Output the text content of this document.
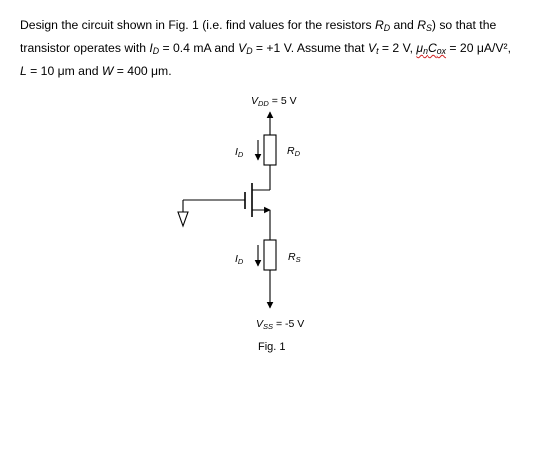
Design the circuit shown in Fig. 1 (i.e. find values for the resistors $R_D$ and $R_S$) so that the

transistor operates with $I_D = 0.4$ mA and $V_D = +1$ V. Assume that $V_t = 2$ V, $\mu_nC_{ox} = 20$ μA/V²,

L = 10 μm and W = 400 μm.

VDD = 5 V
RD
ID
RS
ID
VSS = -5 V
Fig. 1
